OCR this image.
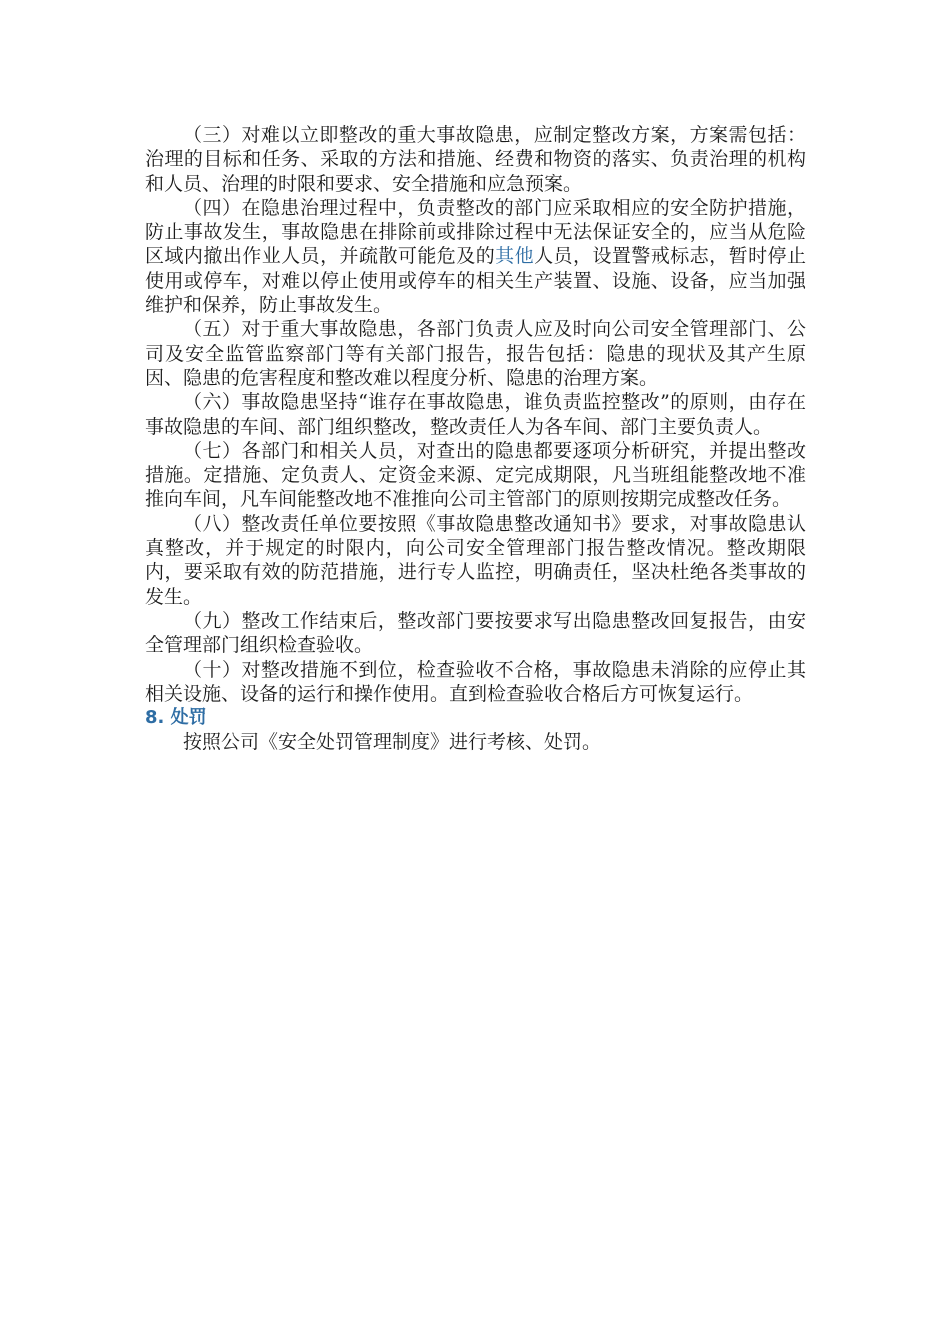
（三）对难以立即整改的重大事故隐患，应制定整改方案，方案需包括：治理的目标和任务、采取的方法和措施、经费和物资的落实、负责治理的机构和人员、治理的时限和要求、安全措施和应急预案。

（四）在隐患治理过程中，负责整改的部门应采取相应的安全防护措施，防止事故发生，事故隐患在排除前或排除过程中无法保证安全的，应当从危险区域内撤出作业人员，并疏散可能危及的其他人员，设置警戒标志，暂时停止使用或停车，对难以停止使用或停车的相关生产装置、设施、设备，应当加强维护和保养，防止事故发生。

（五）对于重大事故隐患，各部门负责人应及时向公司安全管理部门、公司及安全监管监察部门等有关部门报告，报告包括：隐患的现状及其产生原因、隐患的危害程度和整改难以程度分析、隐患的治理方案。

（六）事故隐患坚持“谁存在事故隐患，谁负责监控整改”的原则，由存在事故隐患的车间、部门组织整改，整改责任人为各车间、部门主要负责人。

（七）各部门和相关人员，对查出的隐患都要逐项分析研究，并提出整改措施。定措施、定负责人、定资金来源、定完成期限，凡当班组能整改地不准推向车间，凡车间能整改地不准推向公司主管部门的原则按期完成整改任务。

（八）整改责任单位要按照《事故隐患整改通知书》要求，对事故隐患认真整改，并于规定的时限内，向公司安全管理部门报告整改情况。整改期限内，要采取有效的防范措施，进行专人监控，明确责任，坚决杜绝各类事故的发生。

（九）整改工作结束后，整改部门要按要求写出隐患整改回复报告，由安全管理部门组织检查验收。

（十）对整改措施不到位，检查验收不合格，事故隐患未消除的应停止其相关设施、设备的运行和操作使用。直到检查验收合格后方可恢复运行。

8. 处罚

按照公司《安全处罚管理制度》进行考核、处罚。
